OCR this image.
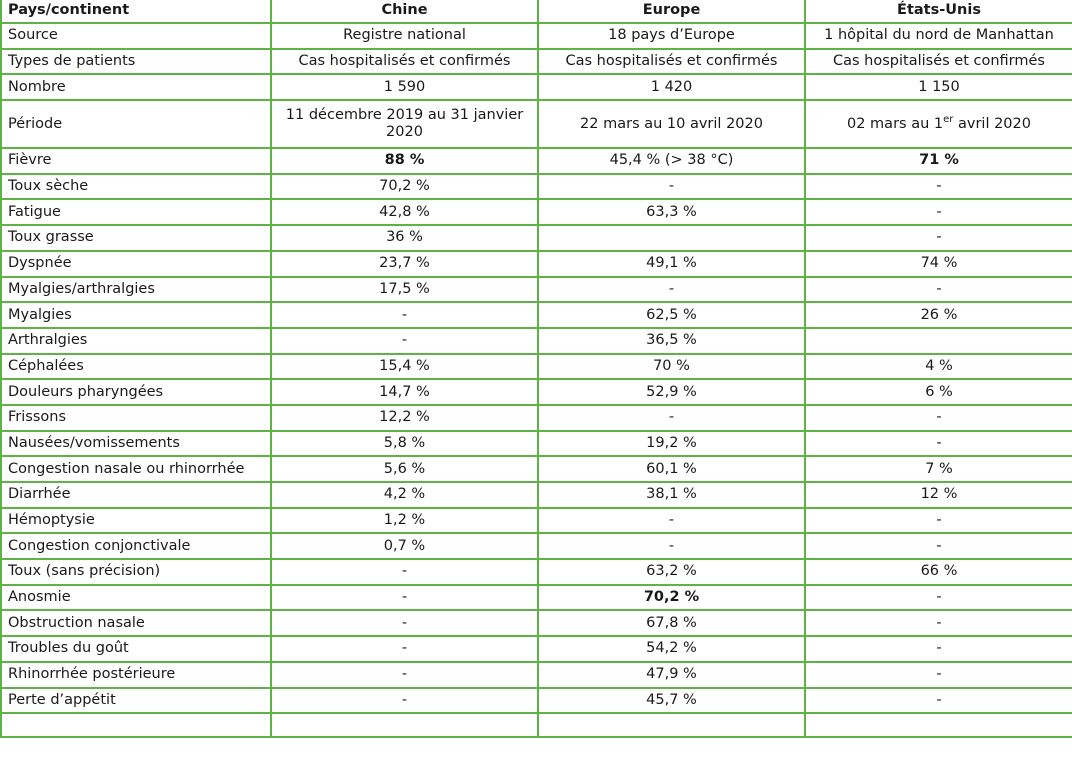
Pays/continent	Chine	Europe	États-Unis
Source	Registre national	18 pays d’Europe	1 hôpital du nord de Manhattan
Types de patients	Cas hospitalisés et confirmés	Cas hospitalisés et confirmés	Cas hospitalisés et confirmés
Nombre	1 590	1 420	1 150
Période	11 décembre 2019 au 31 janvier 2020	22 mars au 10 avril 2020	02 mars au 1er avril 2020
Fièvre	88 %	45,4 % (> 38 °C)	71 %
Toux sèche	70,2 %	-	-
Fatigue	42,8 %	63,3 %	-
Toux grasse	36 %		-
Dyspnée	23,7 %	49,1 %	74 %
Myalgies/arthralgies	17,5 %	-	-
Myalgies	-	62,5 %	26 %
Arthralgies	-	36,5 %	
Céphalées	15,4 %	70 %	4 %
Douleurs pharyngées	14,7 %	52,9 %	6 %
Frissons	12,2 %	-	-
Nausées/vomissements	5,8 %	19,2 %	-
Congestion nasale ou rhinorrhée	5,6 %	60,1 %	7 %
Diarrhée	4,2 %	38,1 %	12 %
Hémoptysie	1,2 %	-	-
Congestion conjonctivale	0,7 %	-	-
Toux (sans précision)	-	63,2 %	66 %
Anosmie	-	70,2 %	-
Obstruction nasale	-	67,8 %	-
Troubles du goût	-	54,2 %	-
Rhinorrhée postérieure	-	47,9 %	-
Perte d’appétit	-	45,7 %	-
